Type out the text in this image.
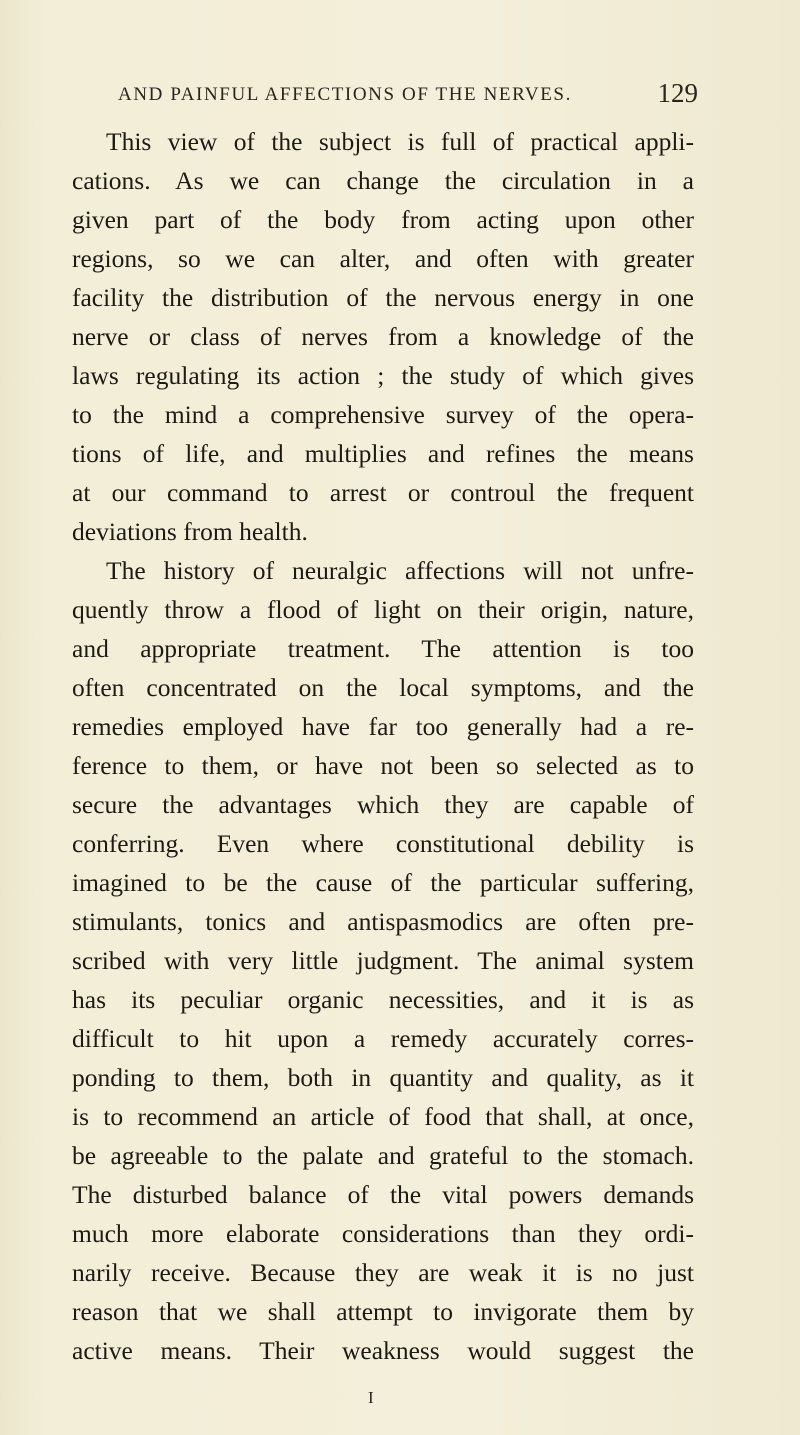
AND PAINFUL AFFECTIONS OF THE NERVES.	129
This view of the subject is full of practical appli-
cations. As we can change the circulation in a
given part of the body from acting upon other
regions, so we can alter, and often with greater
facility the distribution of the nervous energy in one
nerve or class of nerves from a knowledge of the
laws regulating its action ; the study of which gives
to the mind a comprehensive survey of the opera-
tions of life, and multiplies and refines the means
at our command to arrest or controul the frequent
deviations from health.
The history of neuralgic affections will not unfre-
quently throw a flood of light on their origin, nature,
and appropriate treatment. The attention is too
often concentrated on the local symptoms, and the
remedies employed have far too generally had a re-
ference to them, or have not been so selected as to
secure the advantages which they are capable of
conferring. Even where constitutional debility is
imagined to be the cause of the particular suffering,
stimulants, tonics and antispasmodics are often pre-
scribed with very little judgment. The animal system
has its peculiar organic necessities, and it is as
difficult to hit upon a remedy accurately corres-
ponding to them, both in quantity and quality, as it
is to recommend an article of food that shall, at once,
be agreeable to the palate and grateful to the stomach.
The disturbed balance of the vital powers demands
much more elaborate considerations than they ordi-
narily receive. Because they are weak it is no just
reason that we shall attempt to invigorate them by
active means. Their weakness would suggest the
I
